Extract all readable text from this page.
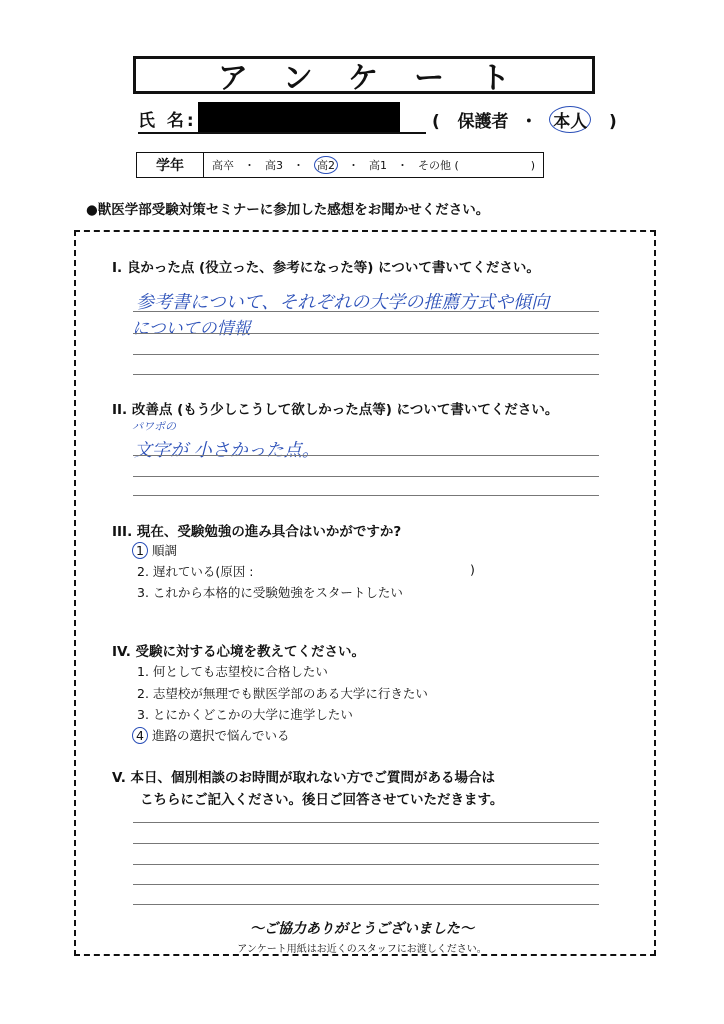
アンケート
氏 名:	( 保護者 ・ 本人 )
学年	高卒 ・ 高3 ・ 高2 ・ 高1 ・ その他 (	)
●獣医学部受験対策セミナーに参加した感想をお聞かせください。
I. 良かった点 (役立った、参考になった等) について書いてください。
参考書について、それぞれの大学の推薦方式や傾向
についての情報
II. 改善点 (もう少しこうして欲しかった点等) について書いてください。
パワポの
文字が 小さかった点。
III. 現在、受験勉強の進み具合はいかがですか?
1 順調
2. 遅れている(原因 :	)
3. これから本格的に受験勉強をスタートしたい
IV. 受験に対する心境を教えてください。
1. 何としても志望校に合格したい
2. 志望校が無理でも獣医学部のある大学に行きたい
3. とにかくどこかの大学に進学したい
4 進路の選択で悩んでいる
V. 本日、個別相談のお時間が取れない方でご質問がある場合は
こちらにご記入ください。後日ご回答させていただきます。
〜ご協力ありがとうございました〜
アンケート用紙はお近くのスタッフにお渡しください。
